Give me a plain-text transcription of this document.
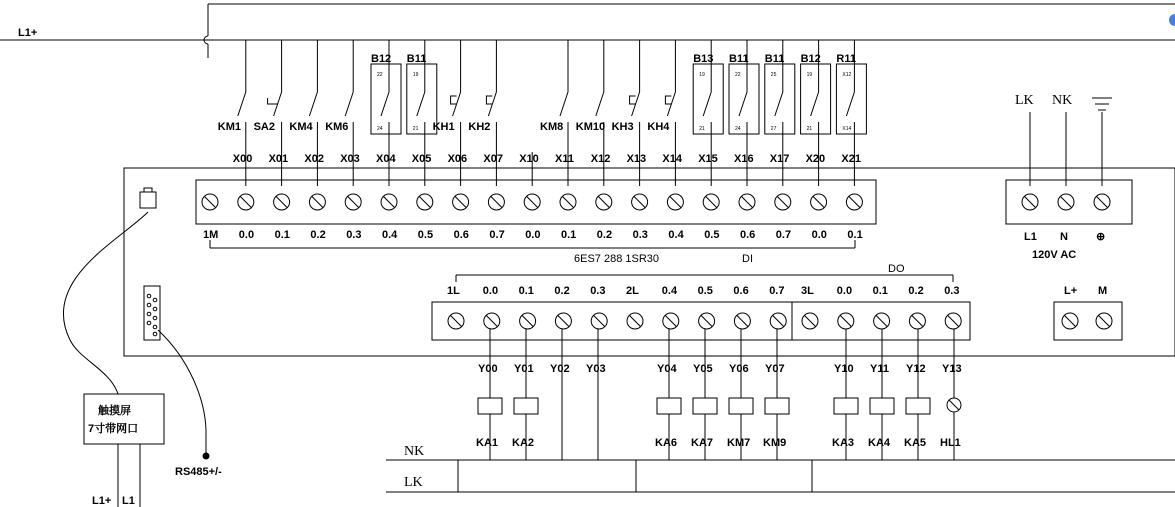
L1+
X00
KM1
X01
SA2
X02
KM4
X03
KM6
X04
B12
22
24
X05
B11
19
21
X06
KH1
X07
KH2
X10 X11
KM8
X12
KM10
X13
KH3
X14
KH4
X15
B13
19
21
X16
B11
22
24
X17
B11
25
27
X20
B12
19
21
X21
R11
X12
X14
1M 0.0 0.1 0.2 0.3 0.4 0.5 0.6 0.7 0.0 0.1 0.2 0.3 0.4 0.5 0.6 0.7 0.0 0.1
6ES7 288 1SR30	DI
DO
1L 0.0 0.1 0.2 0.3 2L 0.4 0.5 0.6 0.7 3L 0.0 0.1 0.2 0.3
L1 N	⊕
120V AC
LK NK
L+ M
Y00
KA1
Y01
KA2
Y02 Y03	Y04
KA6
Y05
KA7
Y06
KM7
Y07
KM9
Y10
KA3
Y11
KA4
Y12
KA5
Y13
HL1
NK
LK
触摸屏
7寸带网口
RS485+/-
L1+ L1
